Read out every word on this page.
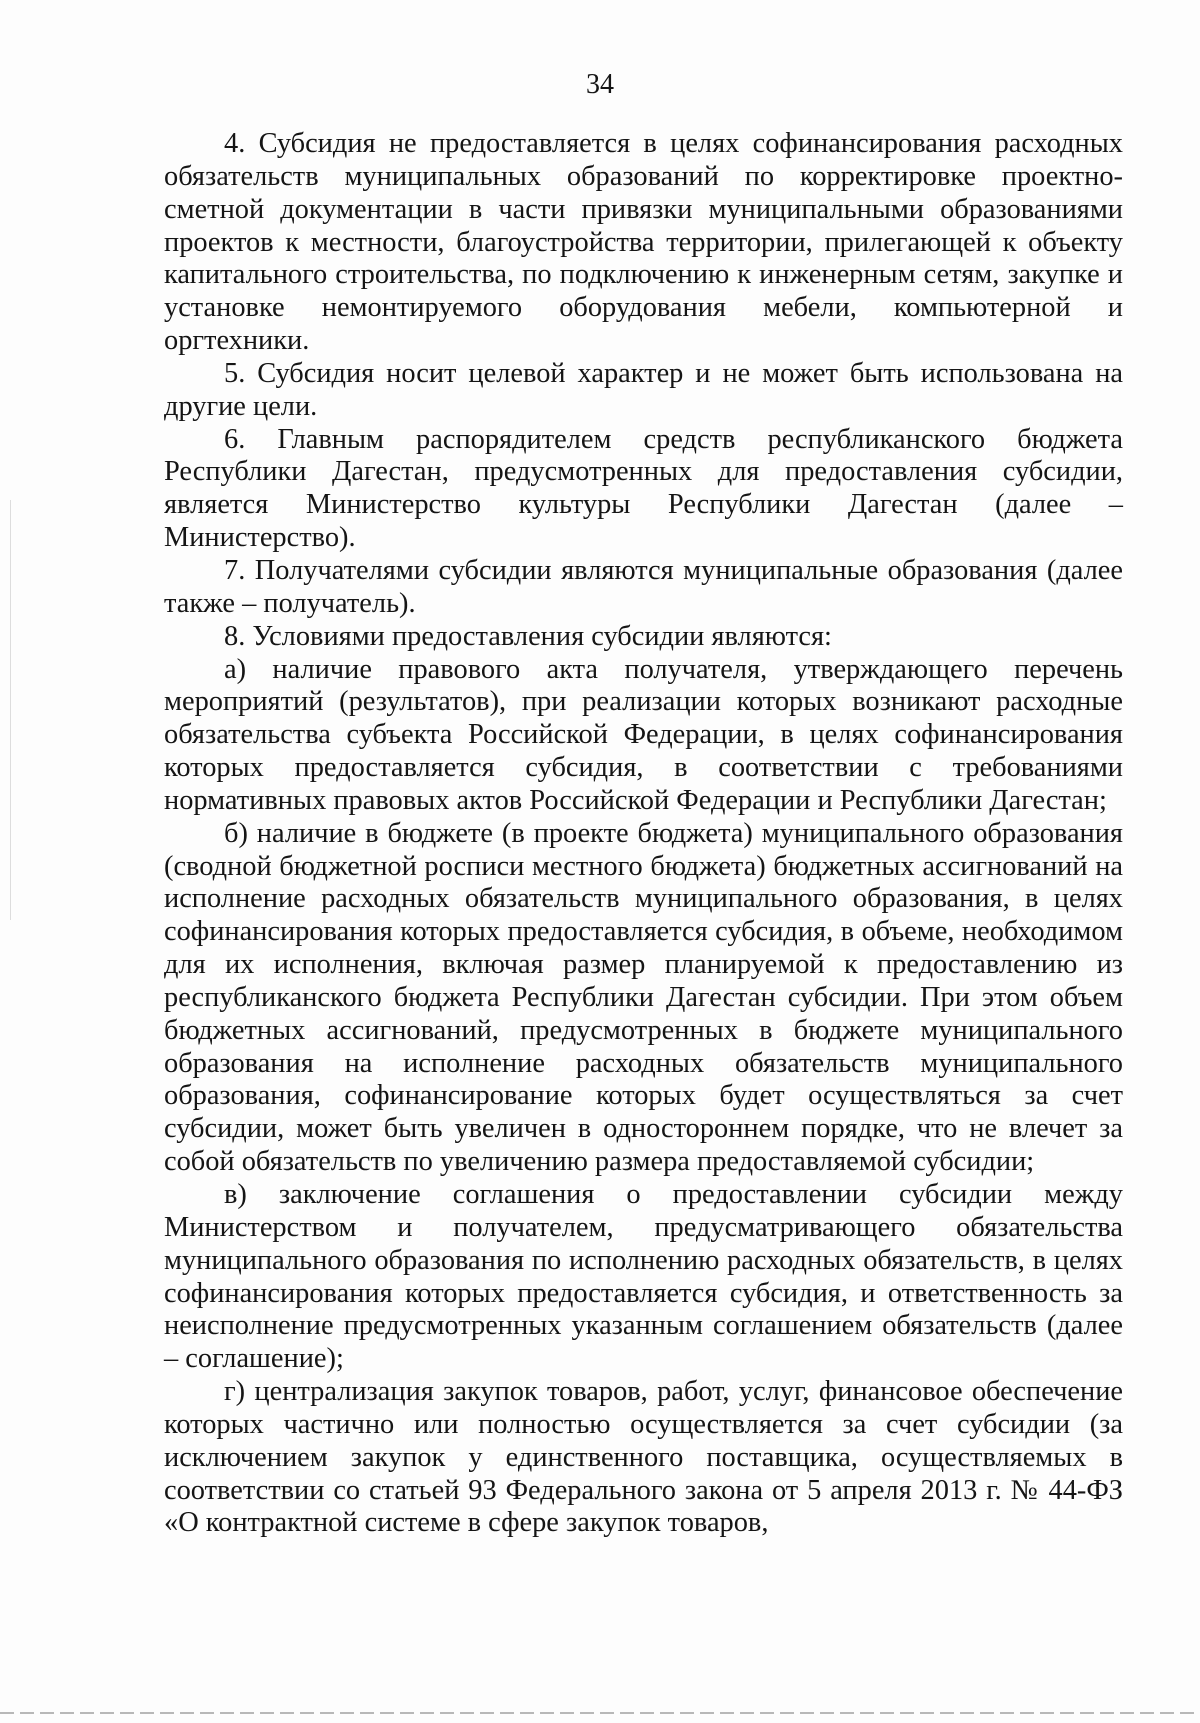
34

4. Субсидия не предоставляется в целях софинансирования расходных обязательств муниципальных образований по корректировке проектно-сметной документации в части привязки муниципальными образованиями проектов к местности, благоустройства территории, прилегающей к объекту капитального строительства, по подключению к инженерным сетям, закупке и установке немонтируемого оборудования мебели, компьютерной и оргтехники.

5. Субсидия носит целевой характер и не может быть использована на другие цели.

6. Главным распорядителем средств республиканского бюджета Республики Дагестан, предусмотренных для предоставления субсидии, является Министерство культуры Республики Дагестан (далее – Министерство).

7. Получателями субсидии являются муниципальные образования (далее также – получатель).

8. Условиями предоставления субсидии являются:

а) наличие правового акта получателя, утверждающего перечень мероприятий (результатов), при реализации которых возникают расходные обязательства субъекта Российской Федерации, в целях софинансирования которых предоставляется субсидия, в соответствии с требованиями нормативных правовых актов Российской Федерации и Республики Дагестан;

б) наличие в бюджете (в проекте бюджета) муниципального образования (сводной бюджетной росписи местного бюджета) бюджетных ассигнований на исполнение расходных обязательств муниципального образования, в целях софинансирования которых предоставляется субсидия, в объеме, необходимом для их исполнения, включая размер планируемой к предоставлению из республиканского бюджета Республики Дагестан субсидии. При этом объем бюджетных ассигнований, предусмотренных в бюджете муниципального образования на исполнение расходных обязательств муниципального образования, софинансирование которых будет осуществляться за счет субсидии, может быть увеличен в одностороннем порядке, что не влечет за собой обязательств по увеличению размера предоставляемой субсидии;

в) заключение соглашения о предоставлении субсидии между Министерством и получателем, предусматривающего обязательства муниципального образования по исполнению расходных обязательств, в целях софинансирования которых предоставляется субсидия, и ответственность за неисполнение предусмотренных указанным соглашением обязательств (далее – соглашение);

г) централизация закупок товаров, работ, услуг, финансовое обеспечение которых частично или полностью осуществляется за счет субсидии (за исключением закупок у единственного поставщика, осуществляемых в соответствии со статьей 93 Федерального закона от 5 апреля 2013 г. № 44-ФЗ «О контрактной системе в сфере закупок товаров,
